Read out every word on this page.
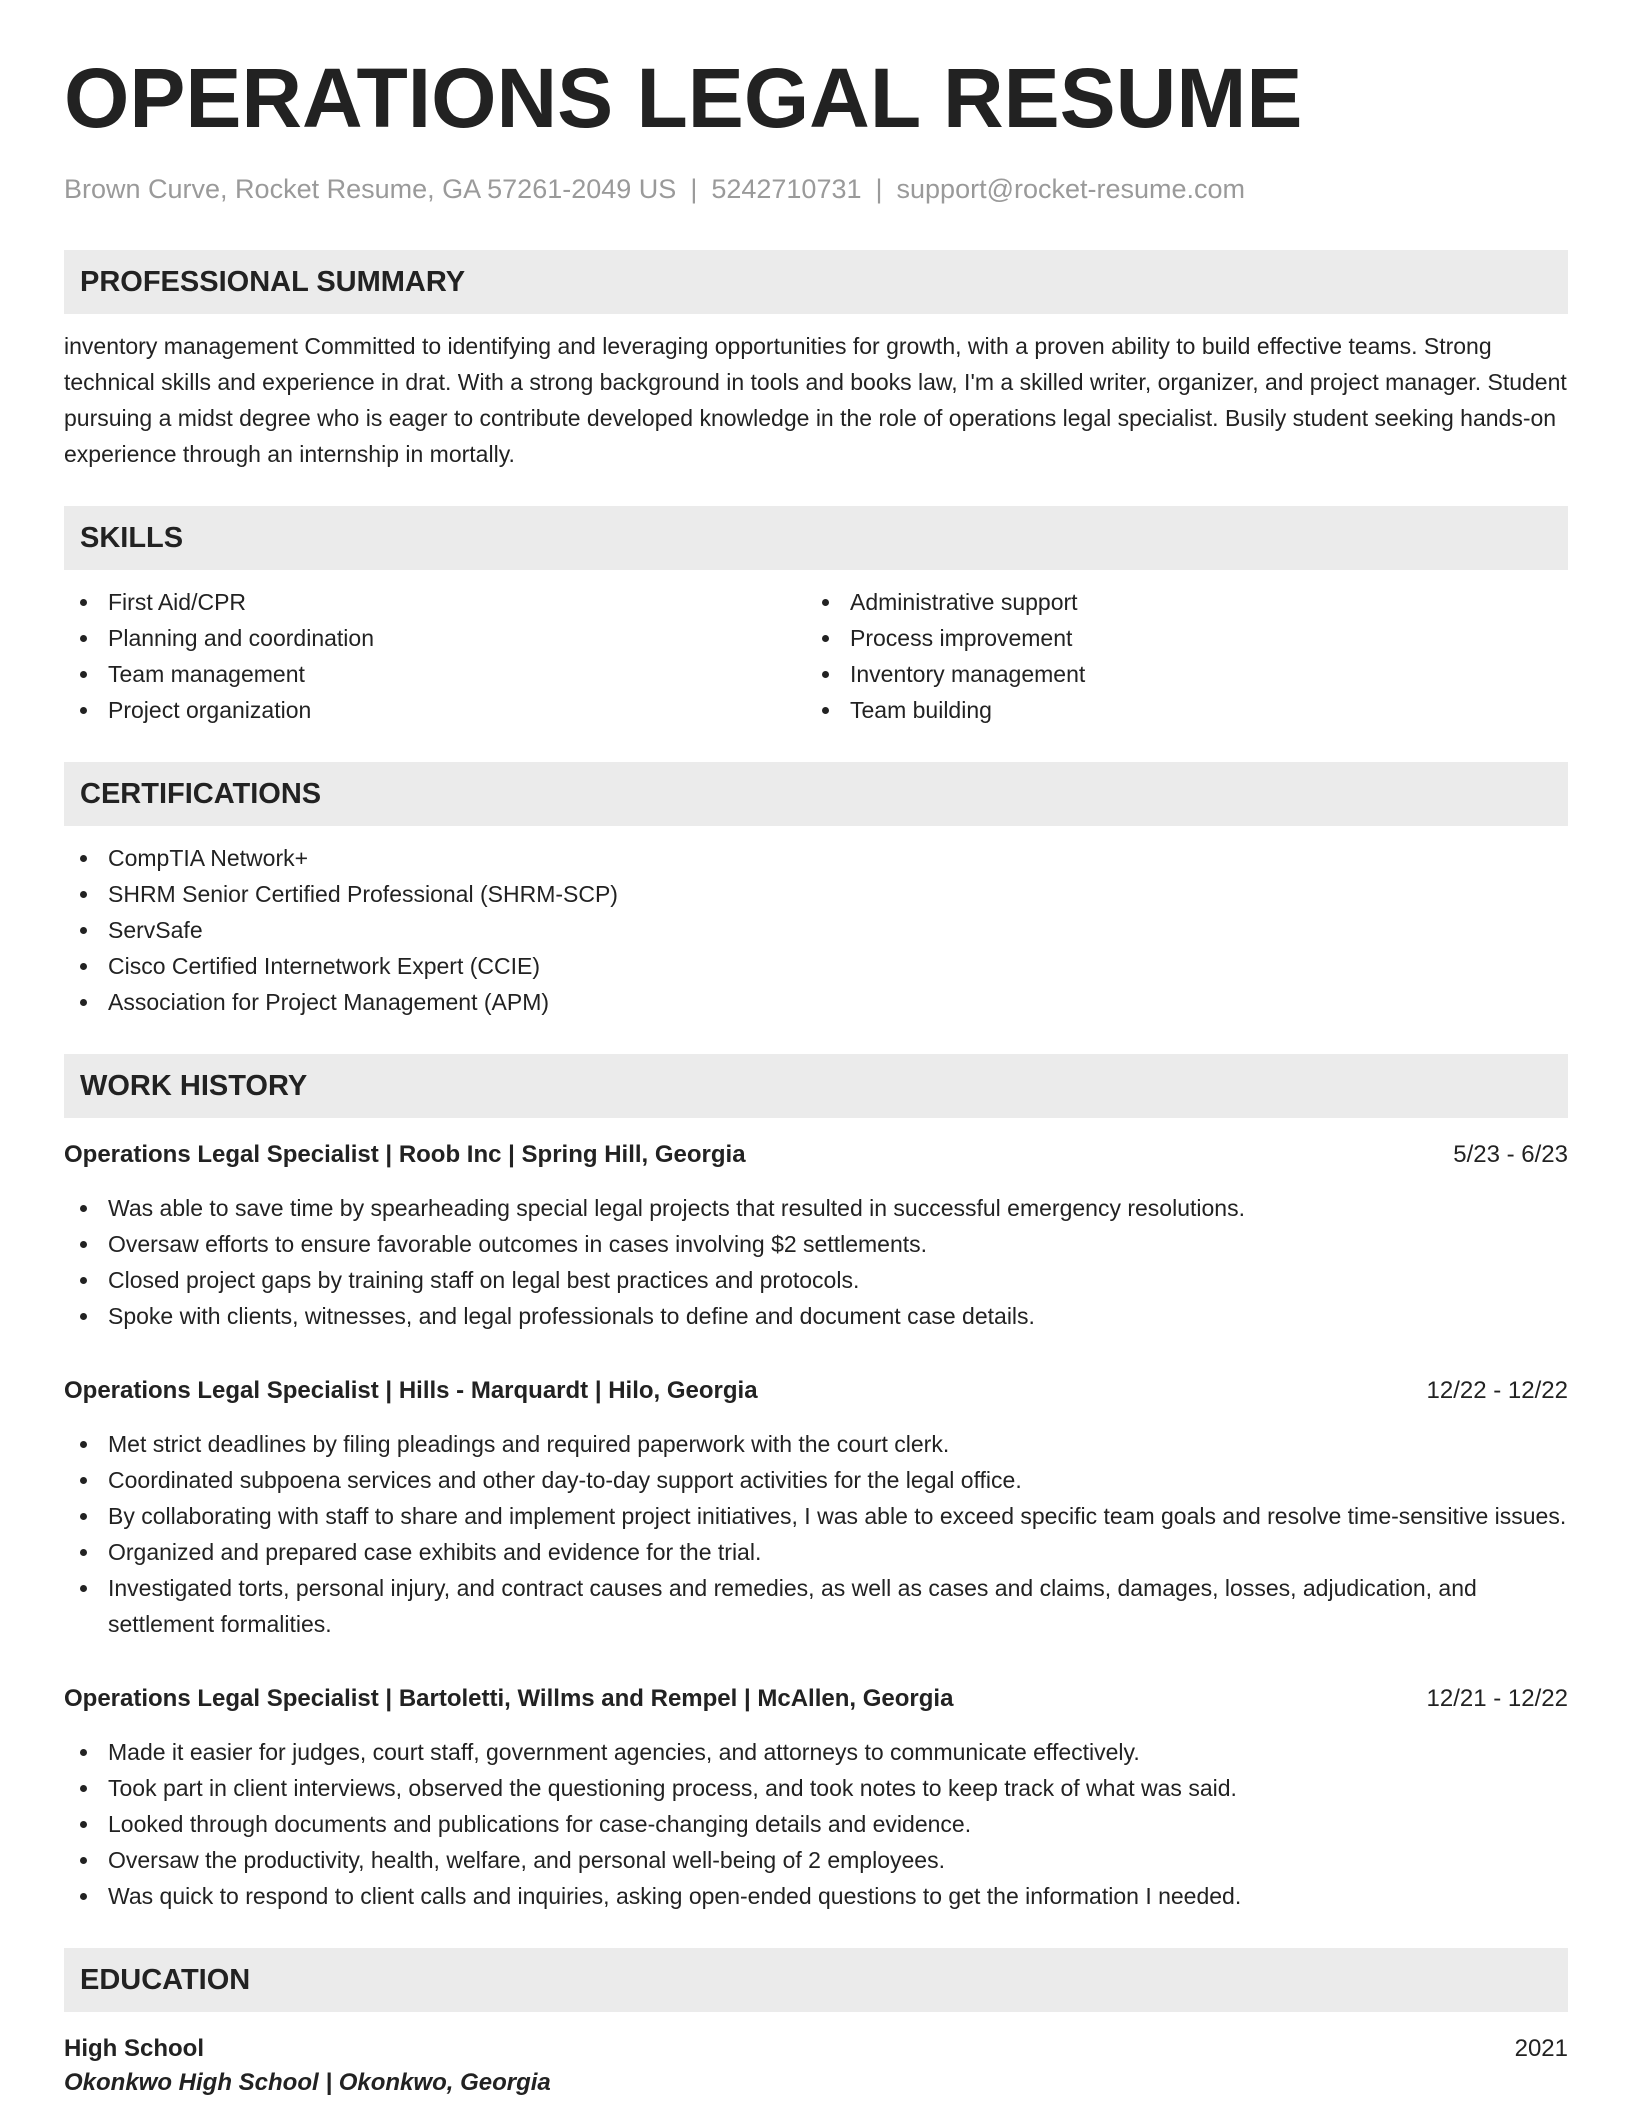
OPERATIONS LEGAL RESUME
Brown Curve, Rocket Resume, GA 57261-2049 US | 5242710731 | support@rocket-resume.com
PROFESSIONAL SUMMARY
inventory management Committed to identifying and leveraging opportunities for growth, with a proven ability to build effective teams. Strong technical skills and experience in drat. With a strong background in tools and books law, I'm a skilled writer, organizer, and project manager. Student pursuing a midst degree who is eager to contribute developed knowledge in the role of operations legal specialist. Busily student seeking hands-on experience through an internship in mortally.
SKILLS
First Aid/CPR
Planning and coordination
Team management
Project organization
Administrative support
Process improvement
Inventory management
Team building
CERTIFICATIONS
CompTIA Network+
SHRM Senior Certified Professional (SHRM-SCP)
ServSafe
Cisco Certified Internetwork Expert (CCIE)
Association for Project Management (APM)
WORK HISTORY
Operations Legal Specialist | Roob Inc | Spring Hill, Georgia	5/23 - 6/23
Was able to save time by spearheading special legal projects that resulted in successful emergency resolutions.
Oversaw efforts to ensure favorable outcomes in cases involving $2 settlements.
Closed project gaps by training staff on legal best practices and protocols.
Spoke with clients, witnesses, and legal professionals to define and document case details.
Operations Legal Specialist | Hills - Marquardt | Hilo, Georgia	12/22 - 12/22
Met strict deadlines by filing pleadings and required paperwork with the court clerk.
Coordinated subpoena services and other day-to-day support activities for the legal office.
By collaborating with staff to share and implement project initiatives, I was able to exceed specific team goals and resolve time-sensitive issues.
Organized and prepared case exhibits and evidence for the trial.
Investigated torts, personal injury, and contract causes and remedies, as well as cases and claims, damages, losses, adjudication, and settlement formalities.
Operations Legal Specialist | Bartoletti, Willms and Rempel | McAllen, Georgia	12/21 - 12/22
Made it easier for judges, court staff, government agencies, and attorneys to communicate effectively.
Took part in client interviews, observed the questioning process, and took notes to keep track of what was said.
Looked through documents and publications for case-changing details and evidence.
Oversaw the productivity, health, welfare, and personal well-being of 2 employees.
Was quick to respond to client calls and inquiries, asking open-ended questions to get the information I needed.
EDUCATION
High School	2021
Okonkwo High School | Okonkwo, Georgia
